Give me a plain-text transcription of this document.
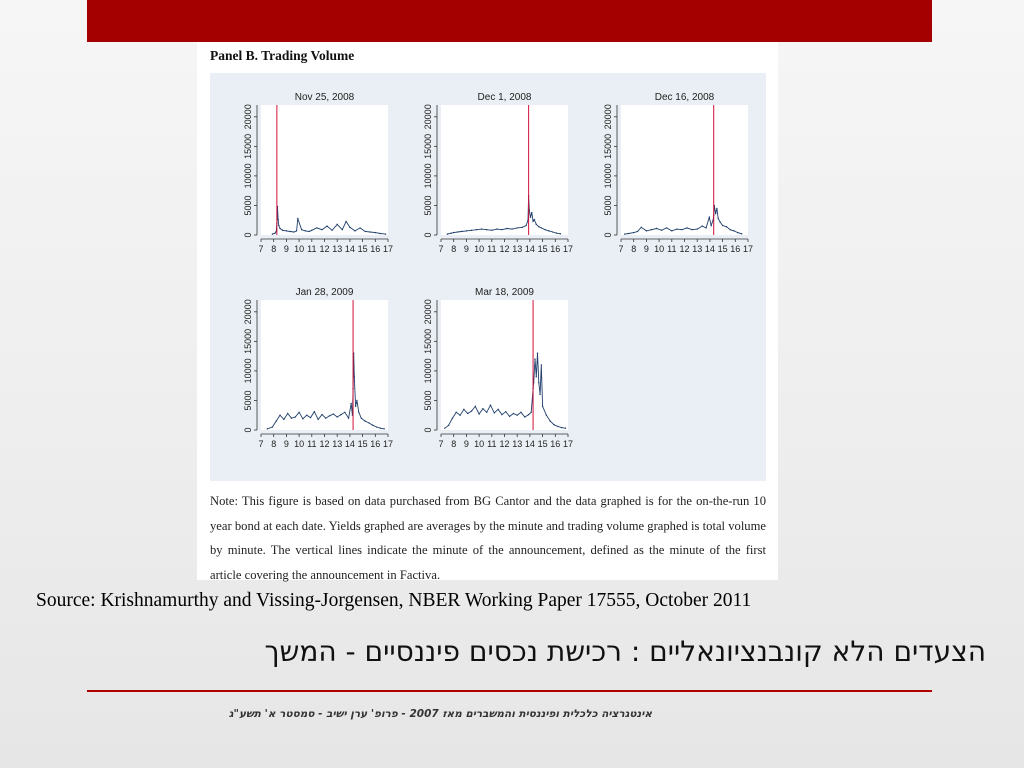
Panel B. Trading Volume

Nov 25, 2008
0
5000
10000
15000
20000
7 8 9 10 11 12 13 14 15 16 17
Dec 1, 2008
0
5000
10000
15000
20000
7 8 9 10 11 12 13 14 15 16 17
Dec 16, 2008
0
5000
10000
15000
20000
7 8 9 10 11 12 13 14 15 16 17
Jan 28, 2009
0
5000
10000
15000
20000
7 8 9 10 11 12 13 14 15 16 17
Mar 18, 2009
0
5000
10000
15000
20000
7 8 9 10 11 12 13 14 15 16 17

Note: This figure is based on data purchased from BG Cantor and the data graphed is for the on-the-run 10 year bond at each date. Yields graphed are averages by the minute and trading volume graphed is total volume by minute. The vertical lines indicate the minute of the announcement, defined as the minute of the first article covering the announcement in Factiva.

Source: Krishnamurthy and Vissing-Jorgensen, NBER Working Paper 17555, October 2011

הצעדים הלא קונבנציונאליים : רכישת נכסים פיננסיים - המשך

אינטגרציה כלכלית ופיננסית והמשברים מאז 2007 - פרופ' ערן ישיב - סמסטר א' תשע"ג
